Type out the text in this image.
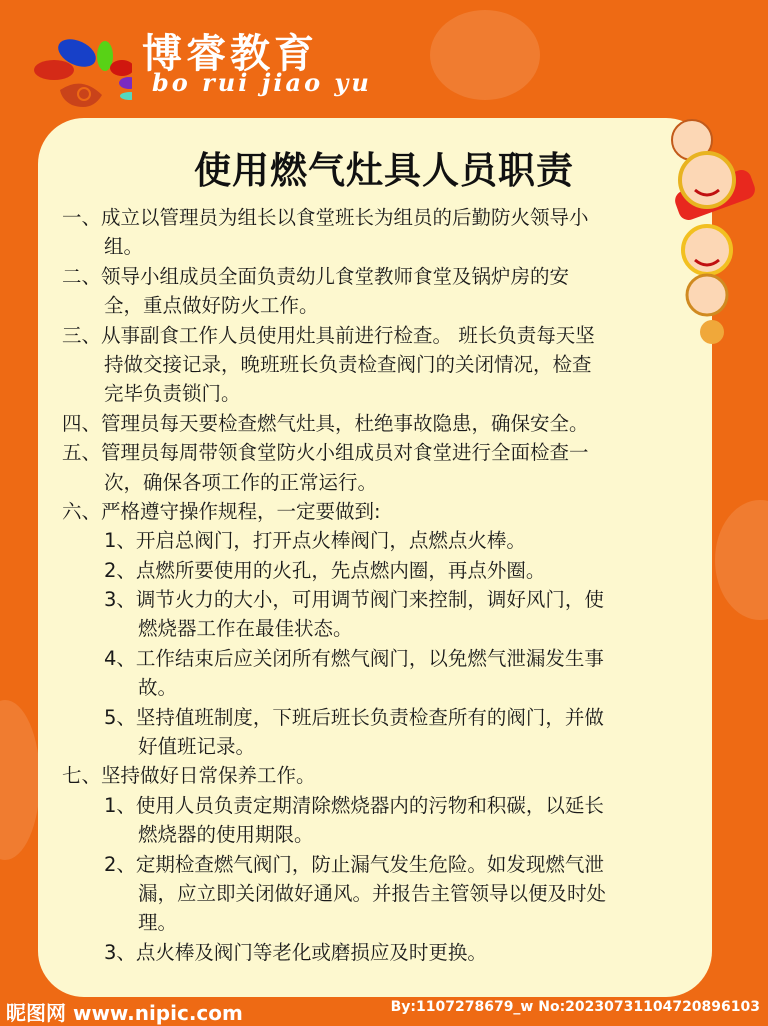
博睿教育
bo rui jiao yu
使用燃气灶具人员职责
一、成立以管理员为组长以食堂班长为组员的后勤防火领导小
组。
二、领导小组成员全面负责幼儿食堂教师食堂及锅炉房的安
全，重点做好防火工作。
三、从事副食工作人员使用灶具前进行检查。 班长负责每天坚
持做交接记录，晚班班长负责检查阀门的关闭情况，检查
完毕负责锁门。
四、管理员每天要检查燃气灶具，杜绝事故隐患，确保安全。
五、管理员每周带领食堂防火小组成员对食堂进行全面检查一
次，确保各项工作的正常运行。
六、严格遵守操作规程，一定要做到:
1、开启总阀门，打开点火棒阀门，点燃点火棒。
2、点燃所要使用的火孔，先点燃内圈，再点外圈。
3、调节火力的大小，可用调节阀门来控制，调好风门，使
燃烧器工作在最佳状态。
4、工作结束后应关闭所有燃气阀门，以免燃气泄漏发生事
故。
5、坚持值班制度，下班后班长负责检查所有的阀门，并做
好值班记录。
七、坚持做好日常保养工作。
1、使用人员负责定期清除燃烧器内的污物和积碳，以延长
燃烧器的使用期限。
2、定期检查燃气阀门，防止漏气发生危险。如发现燃气泄
漏，应立即关闭做好通风。并报告主管领导以便及时处
理。
3、点火棒及阀门等老化或磨损应及时更换。
昵图网 www.nipic.com	By:1107278679_w No:20230731104720896103
